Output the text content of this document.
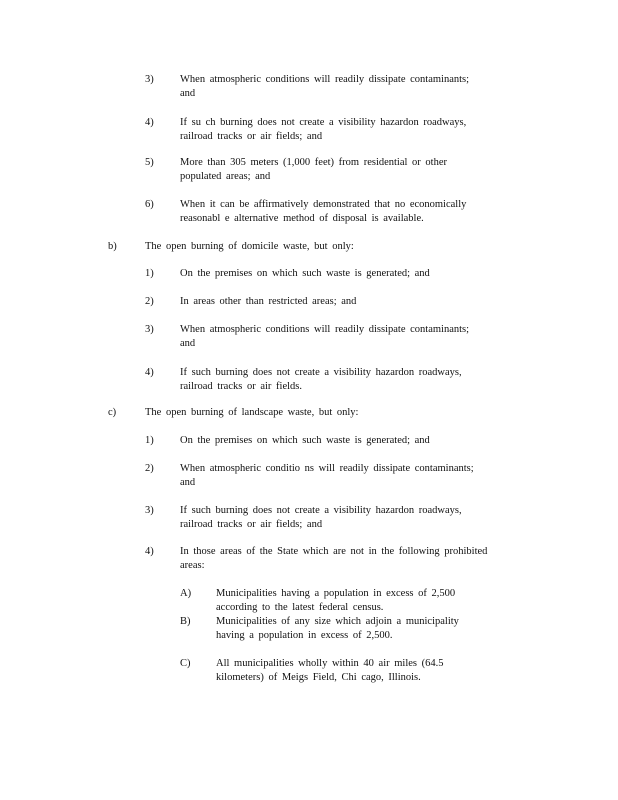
3)	When atmospheric conditions will readily dissipate contaminants;
and
4)	If su ch burning does not create a visibility hazardon roadways,
railroad tracks or air fields; and
5)	More than 305 meters (1,000 feet) from residential or other
populated areas; and
6)	When it can be affirmatively demonstrated that no economically
reasonabl e alternative method of disposal is available.
b)	The open burning of domicile waste, but only:
1)	On the premises on which such waste is generated; and
2)	In areas other than restricted areas; and
3)	When atmospheric conditions will readily dissipate contaminants;
and
4)	If such burning does not create a visibility hazardon roadways,
railroad tracks or air fields.
c)	The open burning of landscape waste, but only:
1)	On the premises on which such waste is generated; and
2)	When atmospheric conditio ns will readily dissipate contaminants;
and
3)	If such burning does not create a visibility hazardon roadways,
railroad tracks or air fields; and
4)	In those areas of the State which are not in the following prohibited
areas:
A) Municipalities having a population in excess of 2,500
according to the latest federal census.
B) Municipalities of any size which adjoin a municipality
having a population in excess of 2,500.
C) All municipalities wholly within 40 air miles (64.5
kilometers) of Meigs Field, Chi cago, Illinois.
